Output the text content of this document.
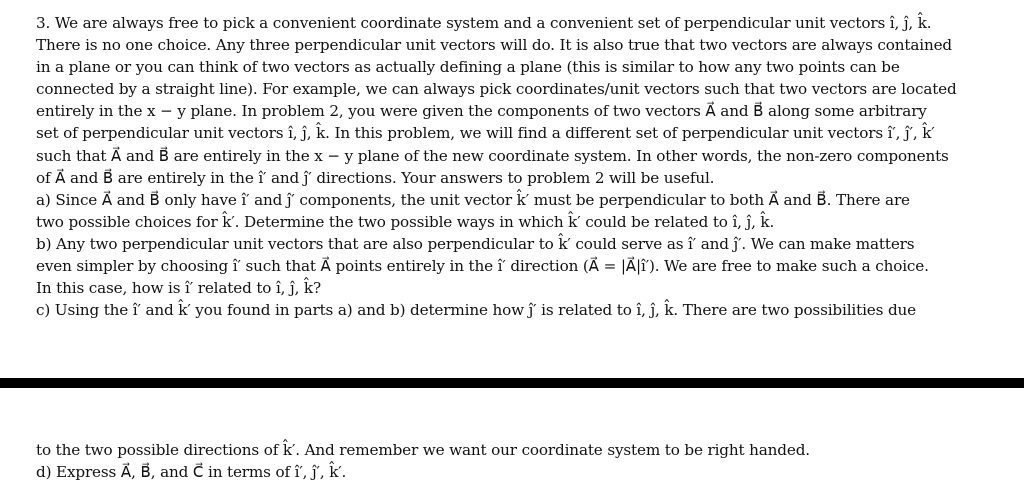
3. We are always free to pick a convenient coordinate system and a convenient set of perpendicular unit vectors ı̂, ȷ̂, k̂.
There is no one choice. Any three perpendicular unit vectors will do. It is also true that two vectors are always contained
in a plane or you can think of two vectors as actually defining a plane (this is similar to how any two points can be
connected by a straight line). For example, we can always pick coordinates/unit vectors such that two vectors are located
entirely in the x − y plane. In problem 2, you were given the components of two vectors A⃗ and B⃗ along some arbitrary
set of perpendicular unit vectors ı̂, ȷ̂, k̂. In this problem, we will find a different set of perpendicular unit vectors ı̂′, ȷ̂′, k̂′
such that A⃗ and B⃗ are entirely in the x − y plane of the new coordinate system. In other words, the non-zero components
of A⃗ and B⃗ are entirely in the ı̂′ and ȷ̂′ directions. Your answers to problem 2 will be useful.
a) Since A⃗ and B⃗ only have ı̂′ and ȷ̂′ components, the unit vector k̂′ must be perpendicular to both A⃗ and B⃗. There are
two possible choices for k̂′. Determine the two possible ways in which k̂′ could be related to ı̂, ȷ̂, k̂.
b) Any two perpendicular unit vectors that are also perpendicular to k̂′ could serve as ı̂′ and ȷ̂′. We can make matters
even simpler by choosing ı̂′ such that A⃗ points entirely in the ı̂′ direction (A⃗ = |A⃗|ı̂′). We are free to make such a choice.
In this case, how is ı̂′ related to ı̂, ȷ̂, k̂?
c) Using the ı̂′ and k̂′ you found in parts a) and b) determine how ȷ̂′ is related to ı̂, ȷ̂, k̂. There are two possibilities due
to the two possible directions of k̂′. And remember we want our coordinate system to be right handed.
d) Express A⃗, B⃗, and C⃗ in terms of ı̂′, ȷ̂′, k̂′.
